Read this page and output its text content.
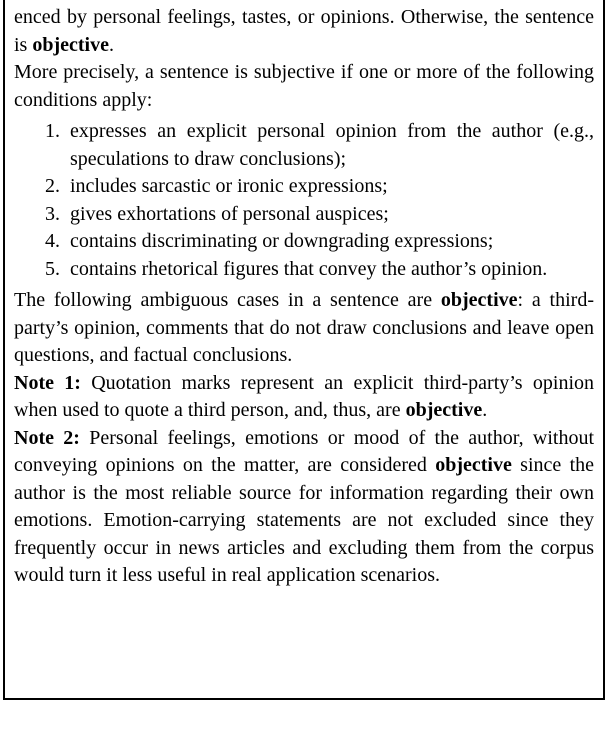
enced by personal feelings, tastes, or opinions. Otherwise, the sentence is objective.

More precisely, a sentence is subjective if one or more of the following conditions apply:

1. expresses an explicit personal opinion from the author (e.g., speculations to draw conclusions);
2. includes sarcastic or ironic expressions;
3. gives exhortations of personal auspices;
4. contains discriminating or downgrading expressions;
5. contains rhetorical figures that convey the author’s opinion.

The following ambiguous cases in a sentence are objective: a third-party’s opinion, comments that do not draw conclusions and leave open questions, and factual conclusions.

Note 1: Quotation marks represent an explicit third-party’s opinion when used to quote a third person, and, thus, are objective.

Note 2: Personal feelings, emotions or mood of the author, without conveying opinions on the matter, are considered objective since the author is the most reliable source for information regarding their own emotions. Emotion-carrying statements are not excluded since they frequently occur in news articles and excluding them from the corpus would turn it less useful in real application scenarios.
